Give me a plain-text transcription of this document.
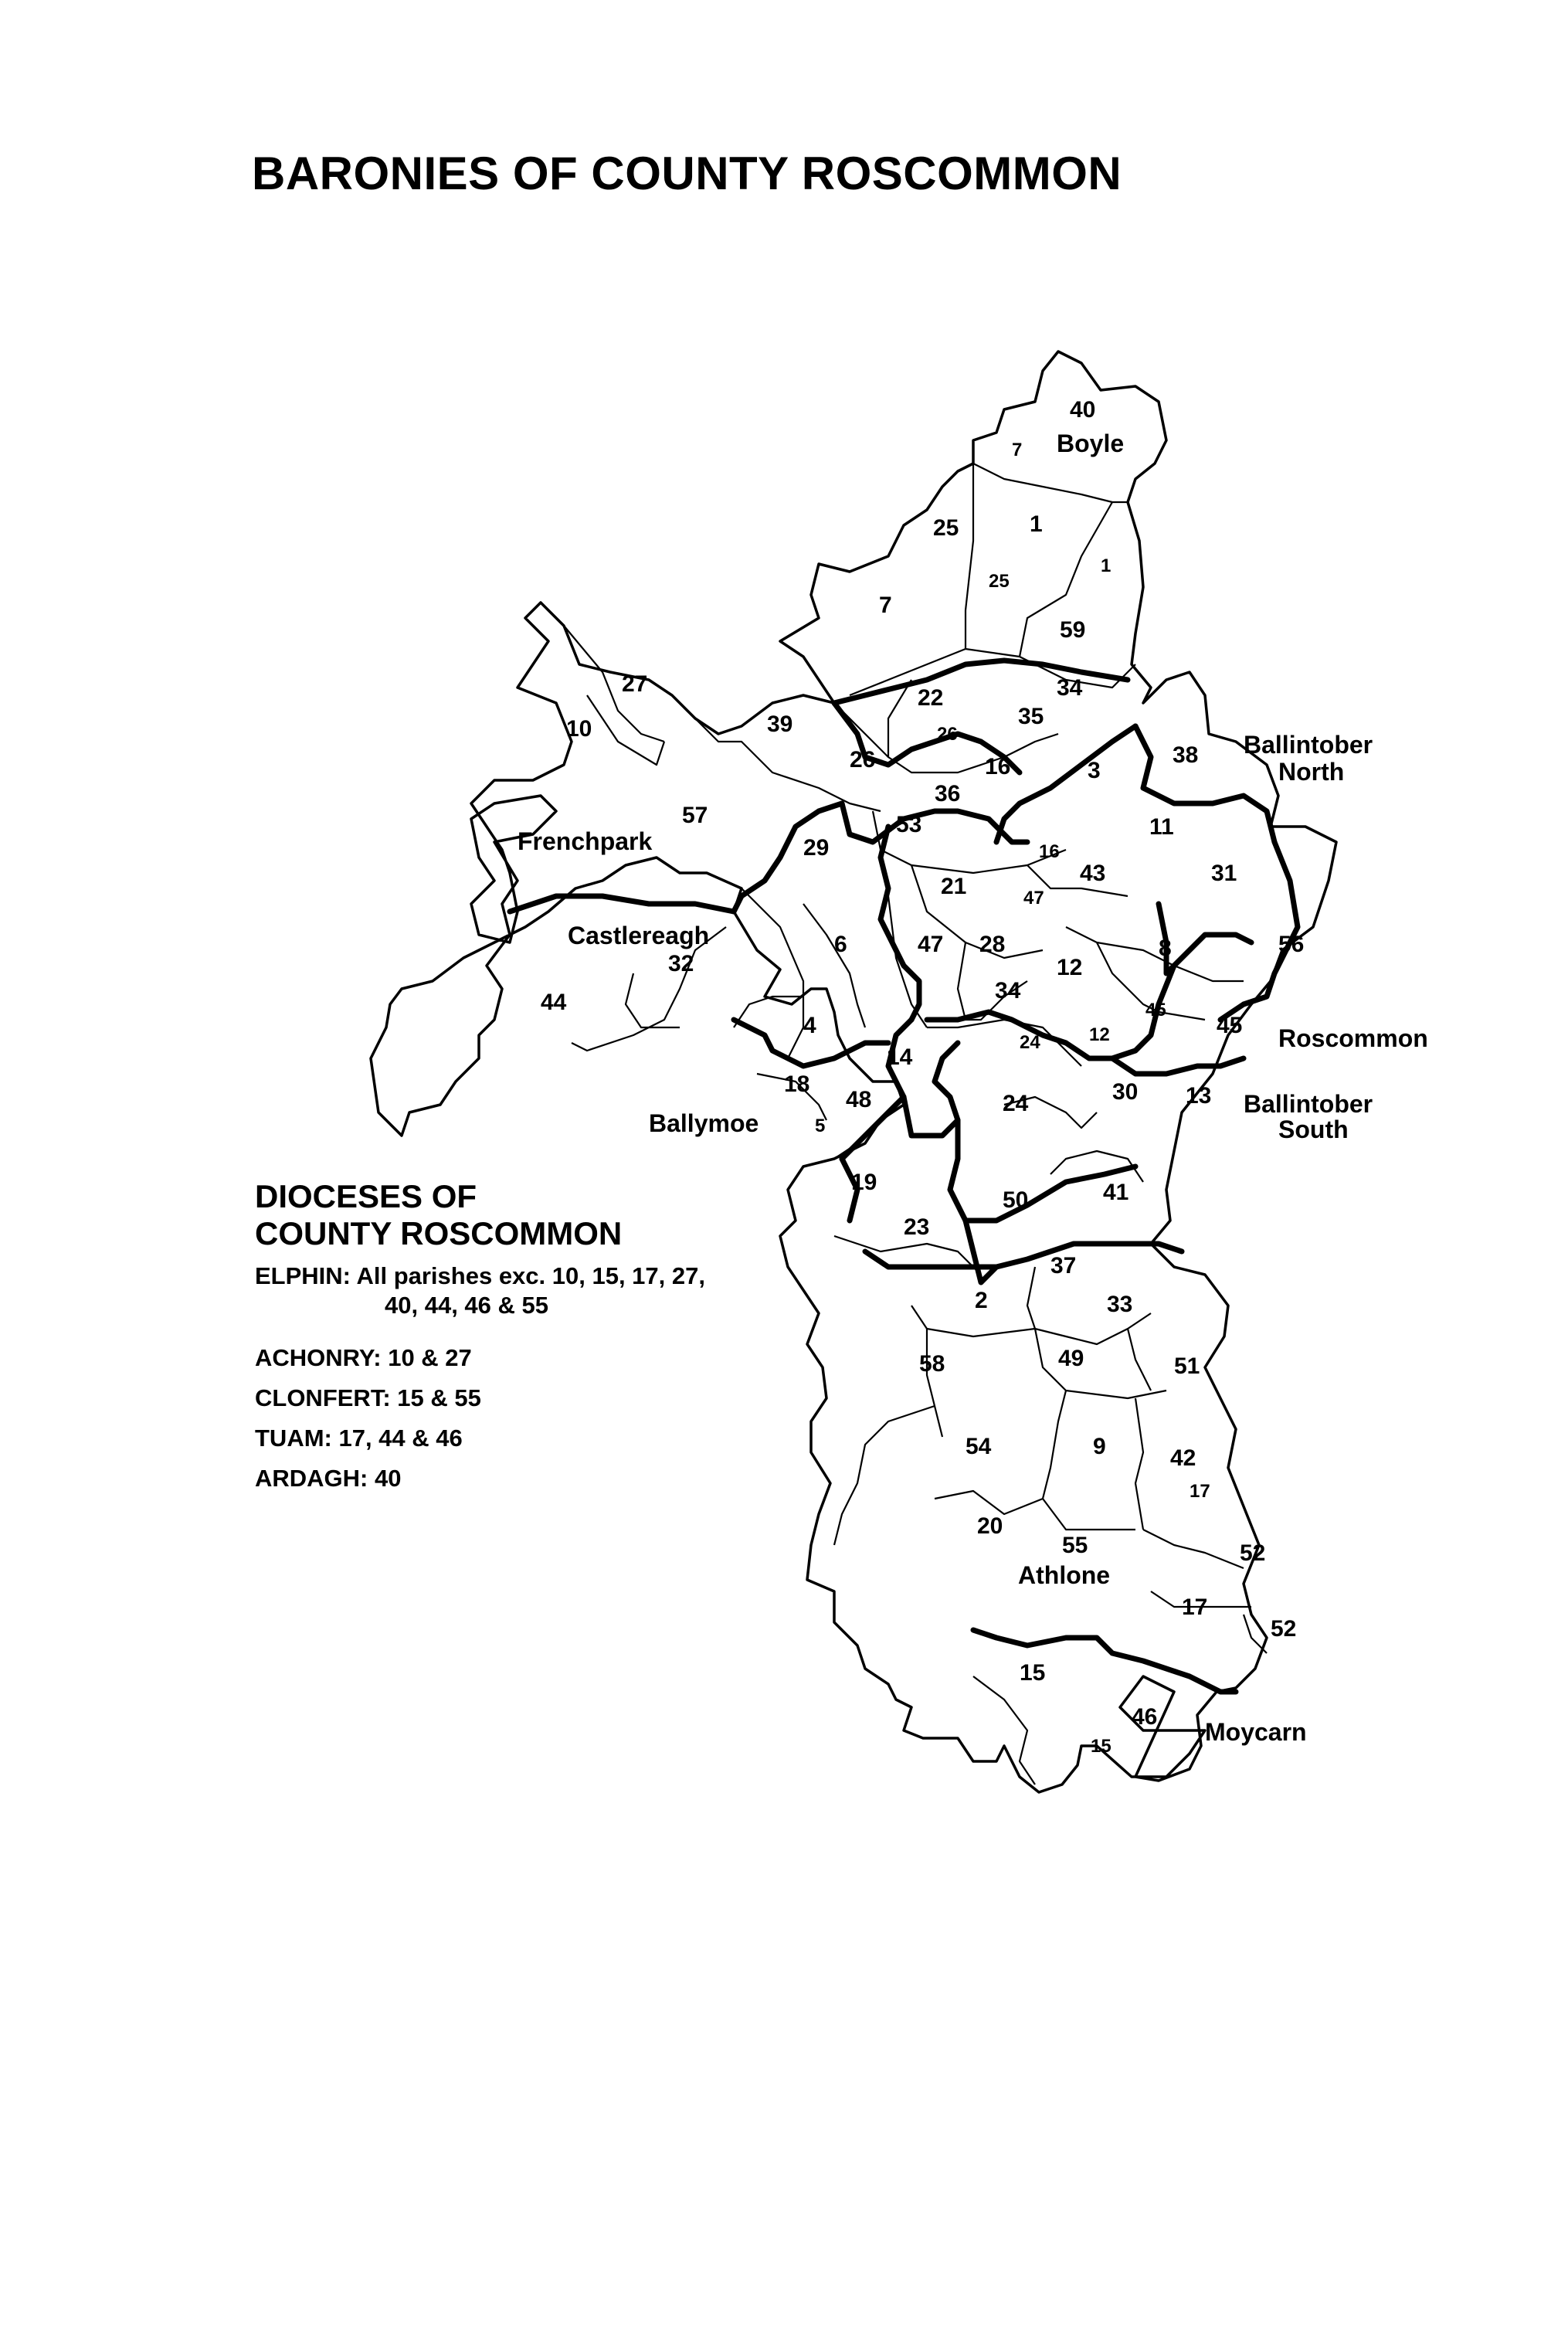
BARONIES OF COUNTY ROSCOMMON
Boyle
Ballintober
North
Frenchpark
Castlereagh
Ballymoe
Roscommon
Ballintober
South
Athlone
Moycarn
40
7
25	1
25
1
7
59
27
10	39
22	34
35
26
26
16	3
38
57
36
53	11
29	16
43	31
21	47
6
32
47 28	8	56
44
12
34
45
4
24	12	45
14
18
48	24	30 13
5
19
50	41
23
37
2	33
58	49	51
54	9	42
17
20
55	52
17
52
15
46
15
DIOCESES OF
COUNTY ROSCOMMON

ELPHIN: All parishes exc. 10, 15, 17, 27,

40, 44, 46 & 55

ACHONRY: 10 & 27

CLONFERT: 15 & 55

TUAM: 17, 44 & 46

ARDAGH: 40
